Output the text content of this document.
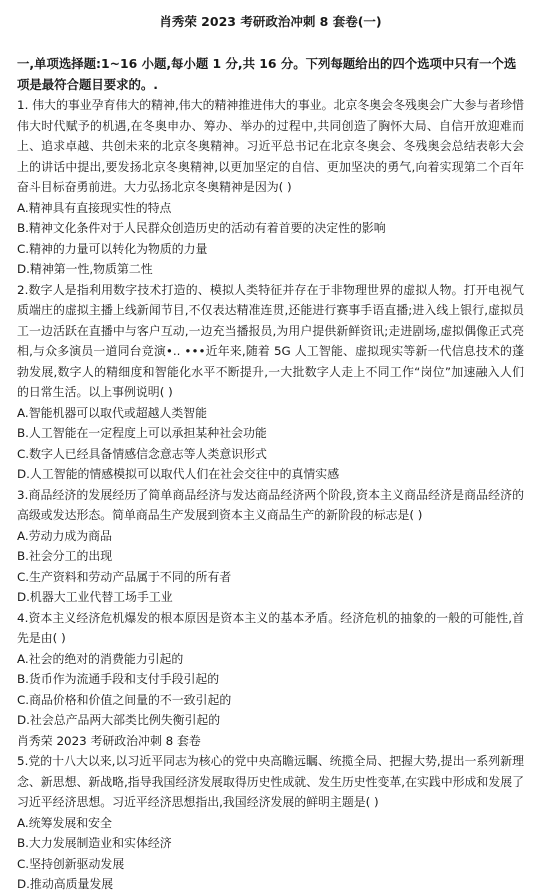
肖秀荣 2023 考研政治冲刺 8 套卷(一)

一,单项选择题:1~16 小题,每小题 1 分,共 16 分。下列每题给出的四个选项中只有一个选项是最符合题目要求的。.

1. 伟大的事业孕育伟大的精神,伟大的精神推进伟大的事业。北京冬奥会冬残奥会广大参与者珍惜伟大时代赋予的机遇,在冬奥申办、筹办、举办的过程中,共同创造了胸怀大局、自信开放迎难而上、追求卓越、共创未来的北京冬奥精神。习近平总书记在北京冬奥会、冬残奥会总结表彰大会上的讲话中提出,要发扬北京冬奥精神,以更加坚定的自信、更加坚决的勇气,向着实现第二个百年奋斗目标奋勇前进。大力弘扬北京冬奥精神是因为( )

A.精神具有直接现实性的特点
B.精神文化条件对于人民群众创造历史的活动有着首要的决定性的影响
C.精神的力量可以转化为物质的力量
D.精神第一性,物质第二性

2.数字人是指利用数字技术打造的、模拟人类特征并存在于非物理世界的虚拟人物。打开电视气质端庄的虚拟主播上线新闻节目,不仅表达精准连贯,还能进行赛事手语直播;进入线上银行,虚拟员工一边活跃在直播中与客户互动,一边充当播报员,为用户提供新鲜资讯;走进剧场,虚拟偶像正式亮相,与众多演员一道同台竞演•.. •••近年来,随着 5G 人工智能、虚拟现实等新一代信息技术的蓬勃发展,数字人的精细度和智能化水平不断提升,一大批数字人走上不同工作“岗位”加速融入人们的日常生活。以上事例说明( )

A.智能机器可以取代或超越人类智能
B.人工智能在一定程度上可以承担某种社会功能
C.数字人已经具备情感信念意志等人类意识形式
D.人工智能的情感模拟可以取代人们在社会交往中的真情实感

3.商品经济的发展经历了简单商品经济与发达商品经济两个阶段,资本主义商品经济是商品经济的高级或发达形态。简单商品生产发展到资本主义商品生产的新阶段的标志是( )

A.劳动力成为商品
B.社会分工的出现
C.生产资料和劳动产品属于不同的所有者
D.机器大工业代替工场手工业

4.资本主义经济危机爆发的根本原因是资本主义的基本矛盾。经济危机的抽象的一般的可能性,首先是由( )

A.社会的绝对的消费能力引起的
B.货币作为流通手段和支付手段引起的
C.商品价格和价值之间量的不一致引起的
D.社会总产品两大部类比例失衡引起的

肖秀荣 2023 考研政治冲刺 8 套卷

5.党的十八大以来,以习近平同志为核心的党中央高瞻远瞩、统揽全局、把握大势,提出一系列新理念、新思想、新战略,指导我国经济发展取得历史性成就、发生历史性变革,在实践中形成和发展了习近平经济思想。习近平经济思想指出,我国经济发展的鲜明主题是( )

A.统筹发展和安全
B.大力发展制造业和实体经济
C.坚持创新驱动发展
D.推动高质量发展
